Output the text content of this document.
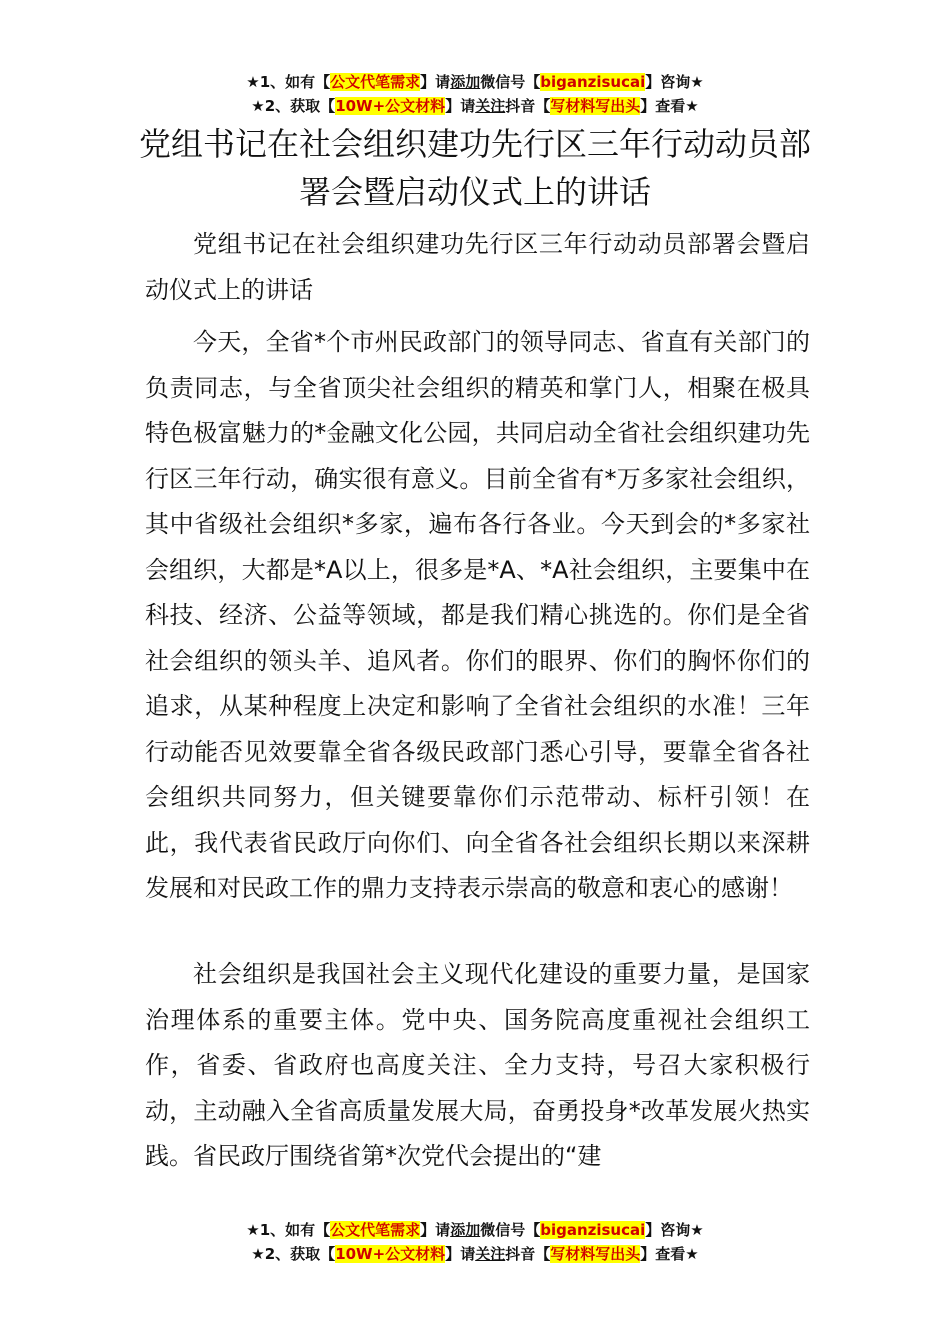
★1、如有【公文代笔需求】请添加微信号【biganzisucai】咨询★
★2、获取【10W+公文材料】请关注抖音【写材料写出头】查看★
党组书记在社会组织建功先行区三年行动动员部署会暨启动仪式上的讲话

党组书记在社会组织建功先行区三年行动动员部署会暨启动仪式上的讲话

今天，全省*个市州民政部门的领导同志、省直有关部门的负责同志，与全省顶尖社会组织的精英和掌门人，相聚在极具特色极富魅力的*金融文化公园，共同启动全省社会组织建功先行区三年行动，确实很有意义。目前全省有*万多家社会组织，其中省级社会组织*多家，遍布各行各业。今天到会的*多家社会组织，大都是*A以上，很多是*A、*A社会组织，主要集中在科技、经济、公益等领域，都是我们精心挑选的。你们是全省社会组织的领头羊、追风者。你们的眼界、你们的胸怀你们的追求，从某种程度上决定和影响了全省社会组织的水准！三年行动能否见效要靠全省各级民政部门悉心引导，要靠全省各社会组织共同努力，但关键要靠你们示范带动、标杆引领！在此，我代表省民政厅向你们、向全省各社会组织长期以来深耕发展和对民政工作的鼎力支持表示崇高的敬意和衷心的感谢！

社会组织是我国社会主义现代化建设的重要力量，是国家治理体系的重要主体。党中央、国务院高度重视社会组织工作，省委、省政府也高度关注、全力支持，号召大家积极行动，主动融入全省高质量发展大局，奋勇投身*改革发展火热实践。省民政厅围绕省第*次党代会提出的“建

★1、如有【公文代笔需求】请添加微信号【biganzisucai】咨询★
★2、获取【10W+公文材料】请关注抖音【写材料写出头】查看★
